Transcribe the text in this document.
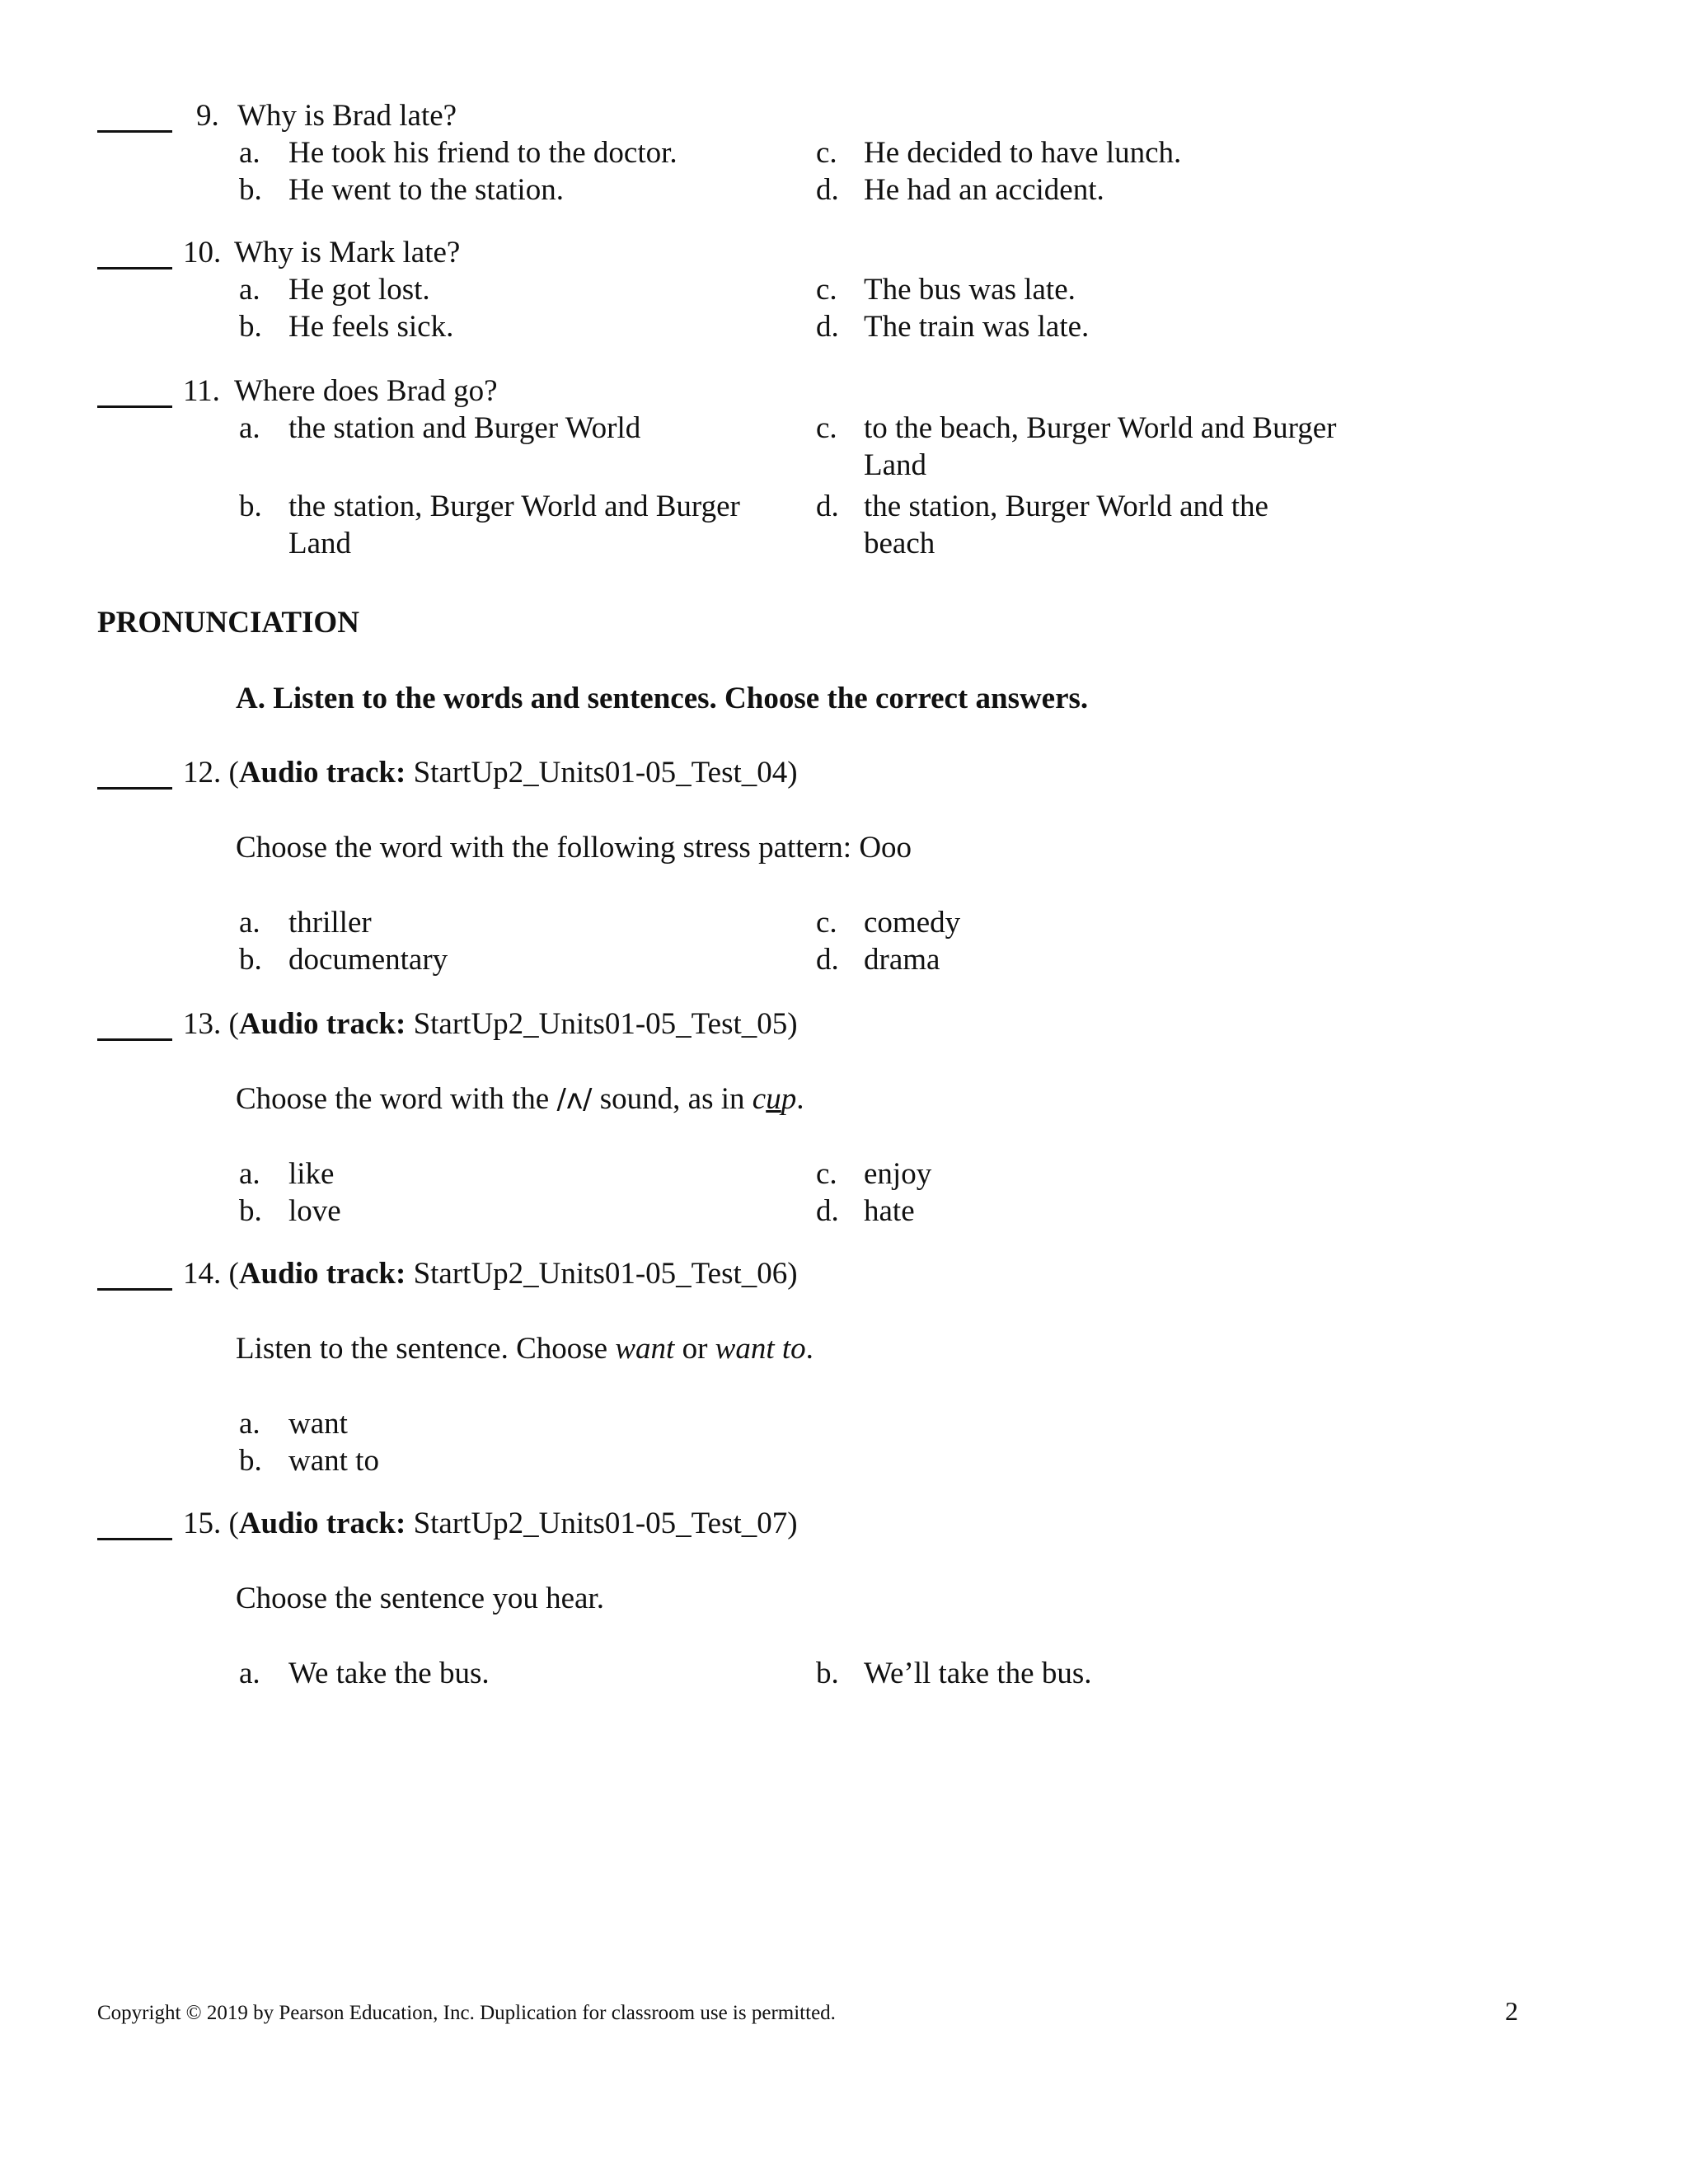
9. Why is Brad late?
a. He took his friend to the doctor.
b. He went to the station.
c. He decided to have lunch.
d. He had an accident.
10. Why is Mark late?
a. He got lost.
b. He feels sick.
c. The bus was late.
d. The train was late.
11. Where does Brad go?
a. the station and Burger World
b. the station, Burger World and Burger
Land
c. to the beach, Burger World and Burger
Land
d. the station, Burger World and the
beach
PRONUNCIATION
A. Listen to the words and sentences. Choose the correct answers.
12. (Audio track: StartUp2_Units01-05_Test_04)
Choose the word with the following stress pattern: Ooo
a. thriller
b. documentary
c. comedy
d. drama
13. (Audio track: StartUp2_Units01-05_Test_05)
Choose the word with the /ʌ/ sound, as in cup.
a. like
b. love
c. enjoy
d. hate
14. (Audio track: StartUp2_Units01-05_Test_06)
Listen to the sentence. Choose want or want to.
a. want
b. want to
15. (Audio track: StartUp2_Units01-05_Test_07)
Choose the sentence you hear.
a. We take the bus.	b. We’ll take the bus.
Copyright © 2019 by Pearson Education, Inc. Duplication for classroom use is permitted.	2
